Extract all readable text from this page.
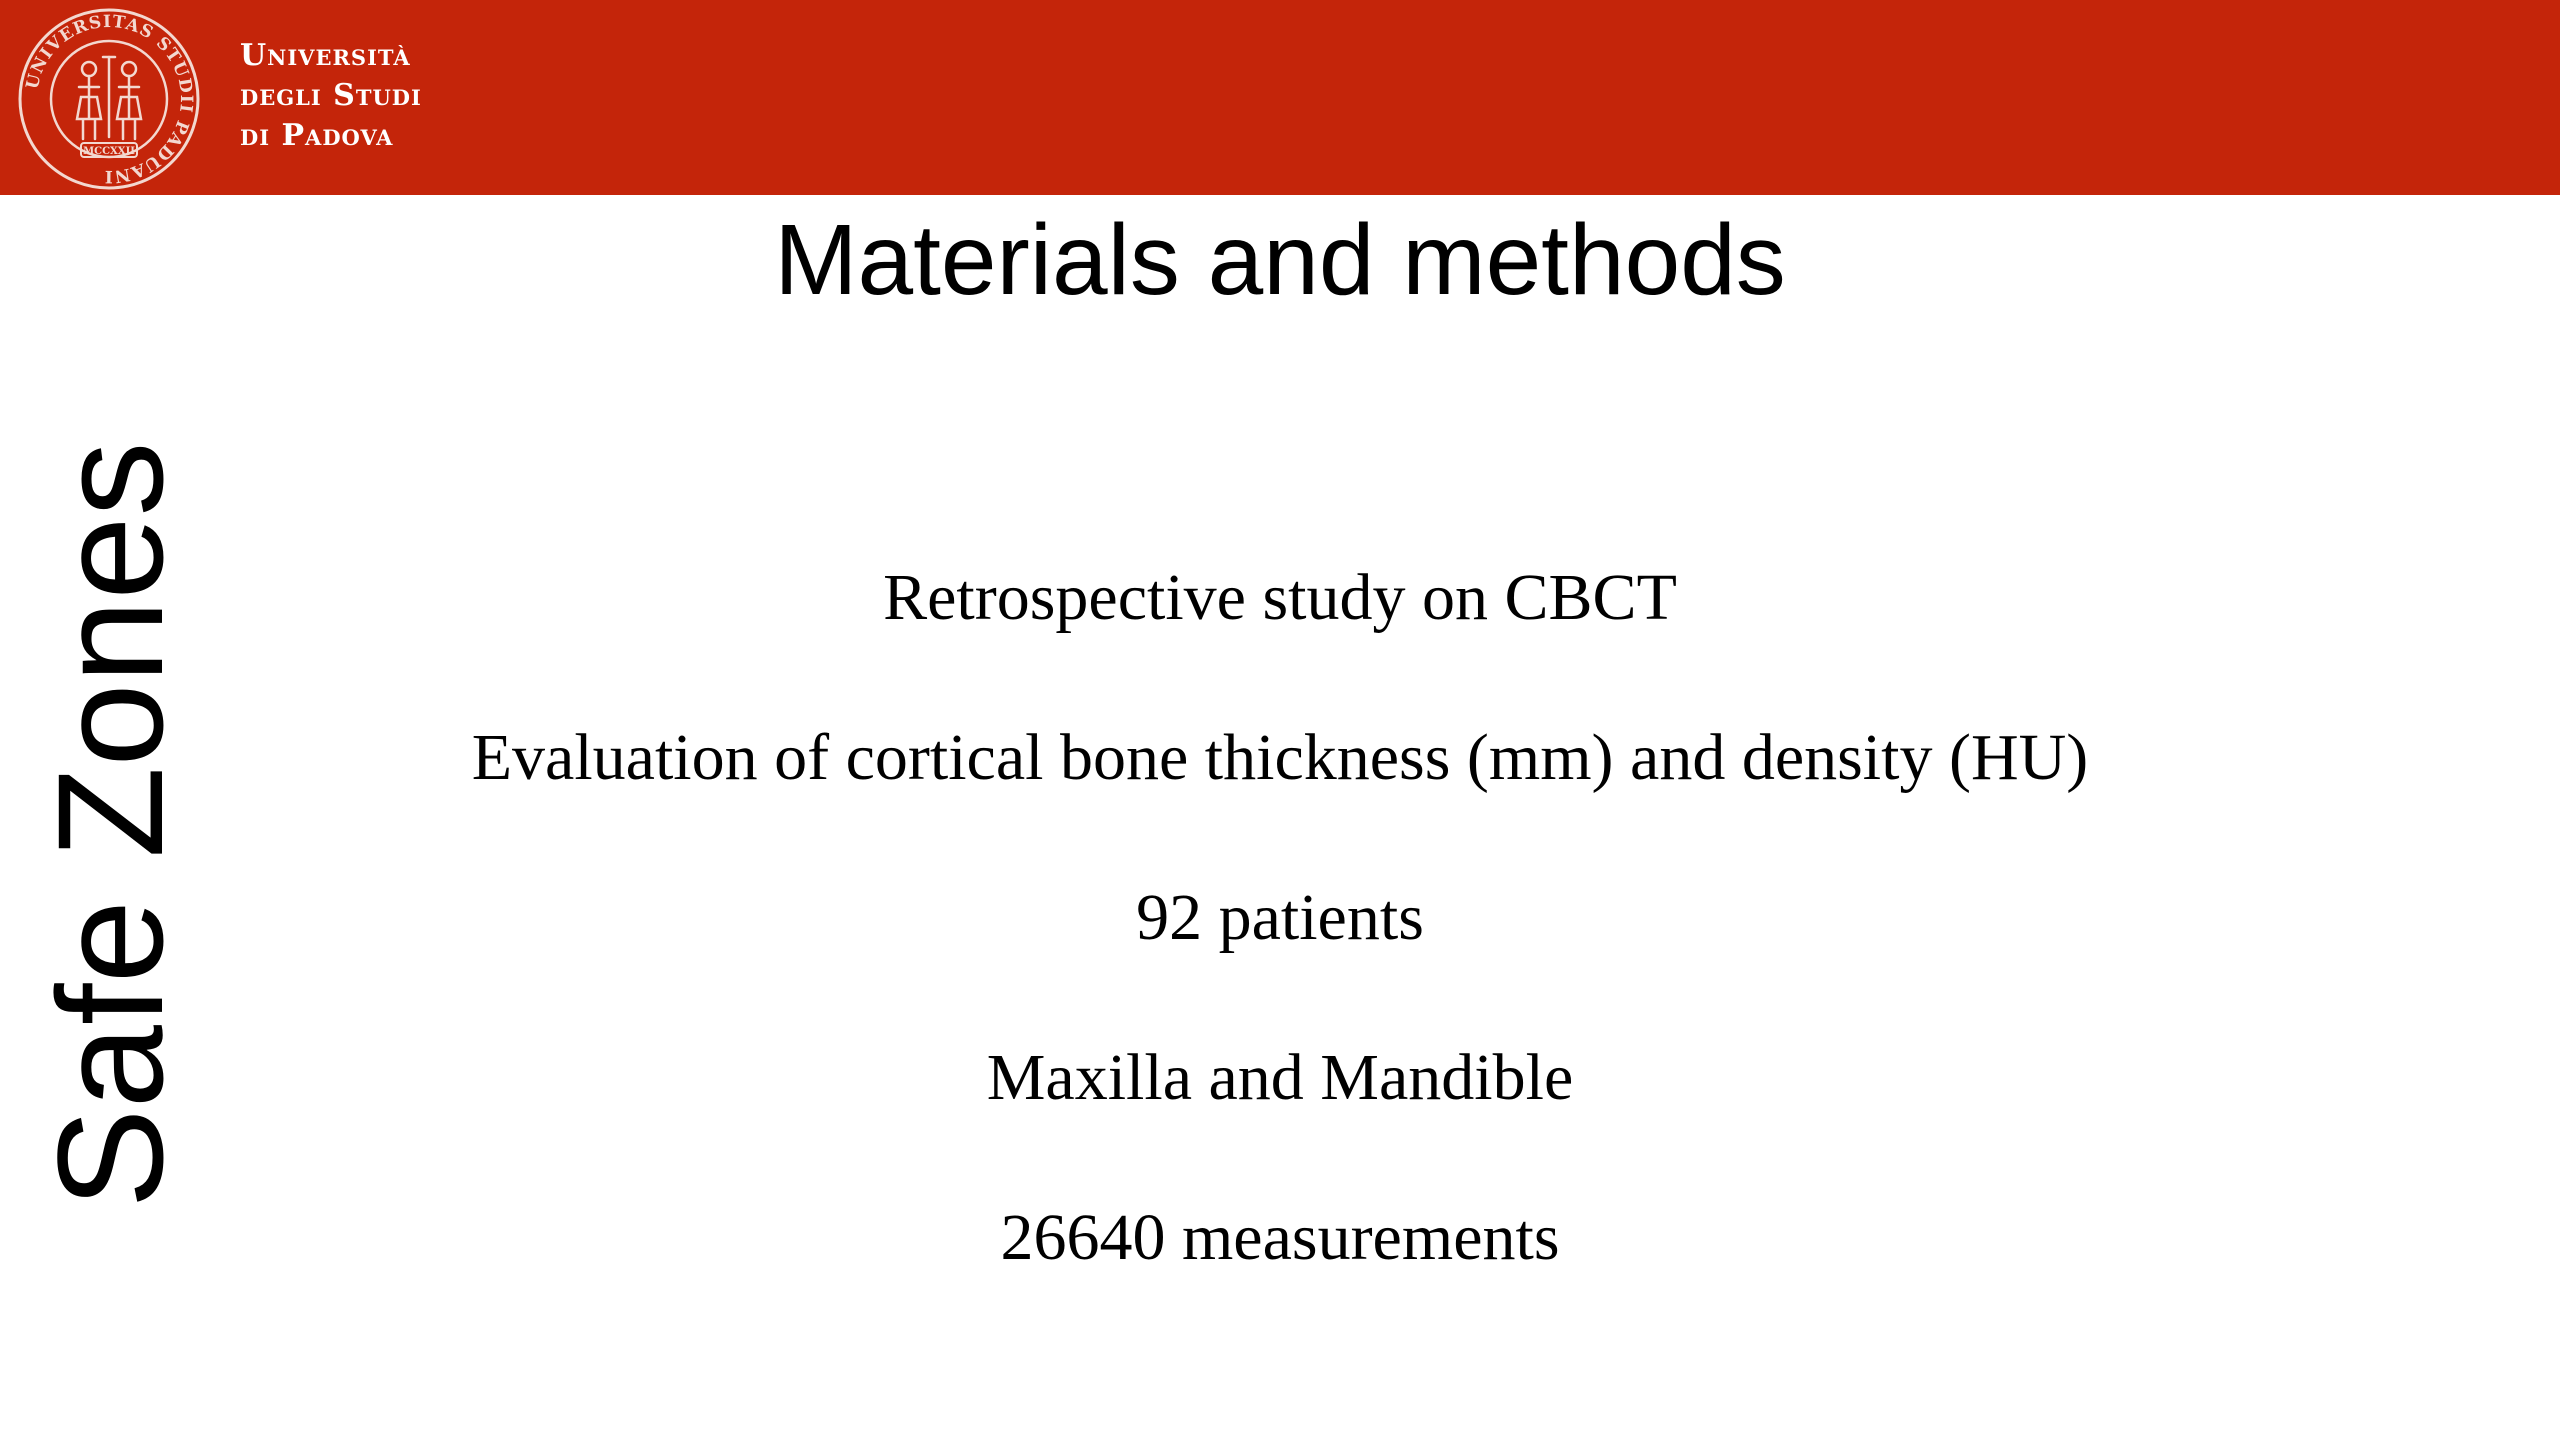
UNIVERSITAS STUDII PADUANI
MCCXXII
Università
degli Studi
di Padova
Materials and methods
Safe Zones	Retrospective study on CBCT
Evaluation of cortical bone thickness (mm) and density (HU)
92 patients
Maxilla and Mandible
26640 measurements
